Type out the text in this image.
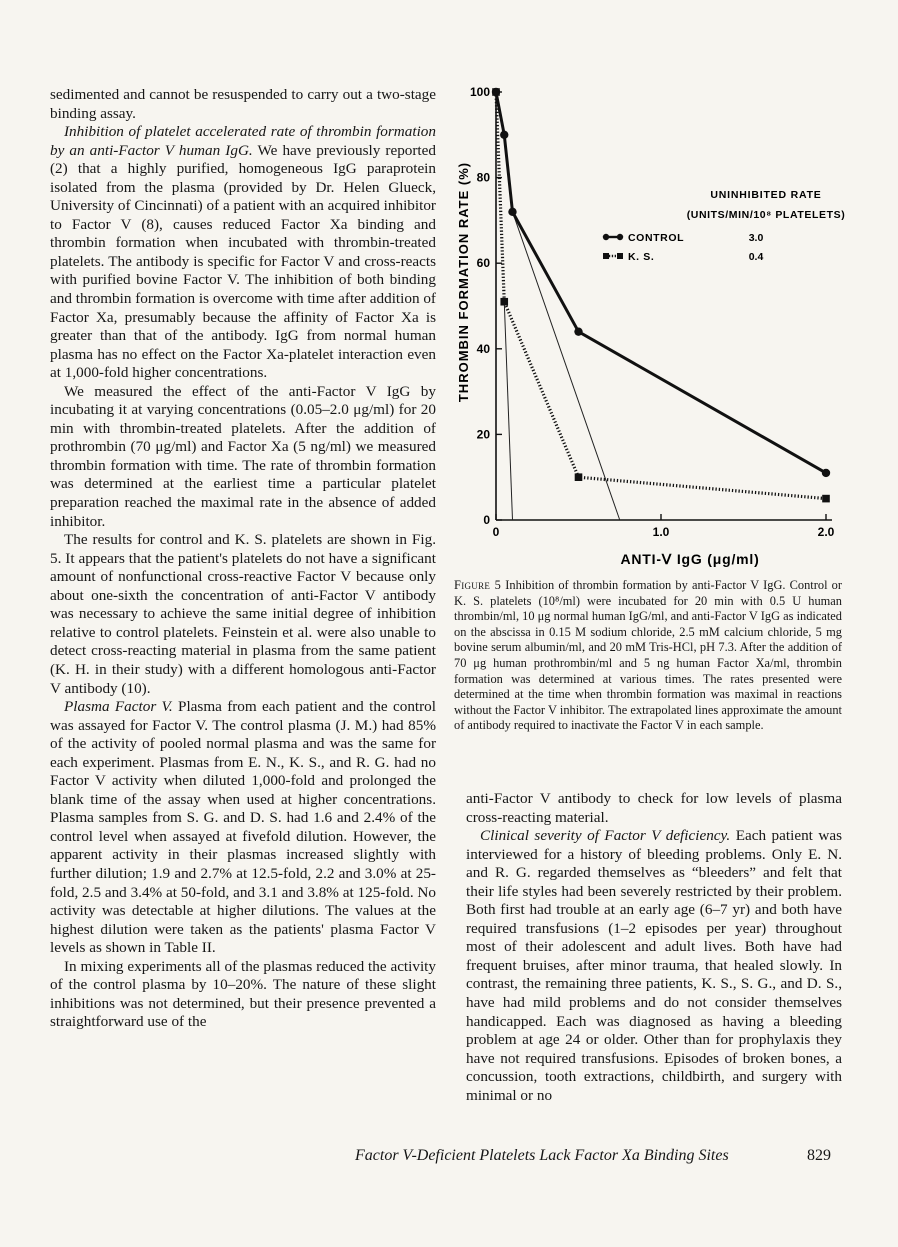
sedimented and cannot be resuspended to carry out a two-stage binding assay.

Inhibition of platelet accelerated rate of thrombin formation by an anti-Factor V human IgG. We have previously reported (2) that a highly purified, homogeneous IgG paraprotein isolated from the plasma (provided by Dr. Helen Glueck, University of Cincinnati) of a patient with an acquired inhibitor to Factor V (8), causes reduced Factor Xa binding and thrombin formation when incubated with thrombin-treated platelets. The antibody is specific for Factor V and cross-reacts with purified bovine Factor V. The inhibition of both binding and thrombin formation is overcome with time after addition of Factor Xa, presumably because the affinity of Factor Xa is greater than that of the antibody. IgG from normal human plasma has no effect on the Factor Xa-platelet interaction even at 1,000-fold higher concentrations.

We measured the effect of the anti-Factor V IgG by incubating it at varying concentrations (0.05–2.0 μg/ml) for 20 min with thrombin-treated platelets. After the addition of prothrombin (70 μg/ml) and Factor Xa (5 ng/ml) we measured thrombin formation with time. The rate of thrombin formation was determined at the earliest time a particular platelet preparation reached the maximal rate in the absence of added inhibitor.

The results for control and K. S. platelets are shown in Fig. 5. It appears that the patient's platelets do not have a significant amount of nonfunctional cross-reactive Factor V because only about one-sixth the concentration of anti-Factor V antibody was necessary to achieve the same initial degree of inhibition relative to control platelets. Feinstein et al. were also unable to detect cross-reacting material in plasma from the same patient (K. H. in their study) with a different homologous anti-Factor V antibody (10).

Plasma Factor V. Plasma from each patient and the control was assayed for Factor V. The control plasma (J. M.) had 85% of the activity of pooled normal plasma and was the same for each experiment. Plasmas from E. N., K. S., and R. G. had no Factor V activity when diluted 1,000-fold and prolonged the blank time of the assay when used at higher concentrations. Plasma samples from S. G. and D. S. had 1.6 and 2.4% of the control level when assayed at fivefold dilution. However, the apparent activity in their plasmas increased slightly with further dilution; 1.9 and 2.7% at 12.5-fold, 2.2 and 3.0% at 25-fold, 2.5 and 3.4% at 50-fold, and 3.1 and 3.8% at 125-fold. No activity was detectable at higher dilutions. The values at the highest dilution were taken as the patients' plasma Factor V levels as shown in Table II.

In mixing experiments all of the plasmas reduced the activity of the control plasma by 10–20%. The nature of these slight inhibitions was not determined, but their presence prevented a straightforward use of the

0
20
40
60
80
100
0	1.0	2.0
THROMBIN FORMATION RATE (%)
ANTI-Ⅴ IgG (μg/ml)
UNINHIBITED RATE
(UNITS/MIN/10⁸ PLATELETS)
CONTROL	3.0
K. S.	0.4
Figure 5 Inhibition of thrombin formation by anti-Factor V IgG. Control or K. S. platelets (10⁸/ml) were incubated for 20 min with 0.5 U human thrombin/ml, 10 μg normal human IgG/ml, and anti-Factor V IgG as indicated on the abscissa in 0.15 M sodium chloride, 2.5 mM calcium chloride, 5 mg bovine serum albumin/ml, and 20 mM Tris-HCl, pH 7.3. After the addition of 70 μg human prothrombin/ml and 5 ng human Factor Xa/ml, thrombin formation was determined at various times. The rates presented were determined at the time when thrombin formation was maximal in reactions without the Factor V inhibitor. The extrapolated lines approximate the amount of antibody required to inactivate the Factor V in each sample.

anti-Factor V antibody to check for low levels of plasma cross-reacting material.

Clinical severity of Factor V deficiency. Each patient was interviewed for a history of bleeding problems. Only E. N. and R. G. regarded themselves as “bleeders” and felt that their life styles had been severely restricted by their problem. Both first had trouble at an early age (6–7 yr) and both have required transfusions (1–2 episodes per year) throughout most of their adolescent and adult lives. Both have had frequent bruises, after minor trauma, that healed slowly. In contrast, the remaining three patients, K. S., S. G., and D. S., have had mild problems and do not consider themselves handicapped. Each was diagnosed as having a bleeding problem at age 24 or older. Other than for prophylaxis they have not required transfusions. Episodes of broken bones, a concussion, tooth extractions, childbirth, and surgery with minimal or no

Factor V-Deficient Platelets Lack Factor Xa Binding Sites	829
